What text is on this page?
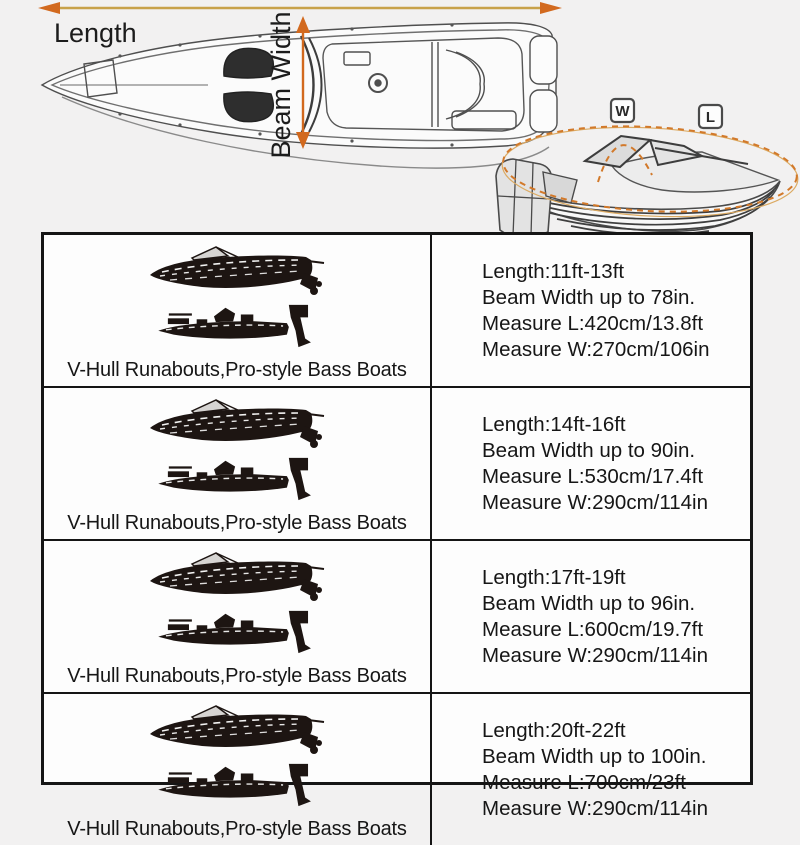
Length	Beam Width	W	L
V-Hull Runabouts,Pro-style Bass Boats
Length:11ft-13ft
Beam Width up to 78in.
Measure L:420cm/13.8ft
Measure W:270cm/106in
V-Hull Runabouts,Pro-style Bass Boats
Length:14ft-16ft
Beam Width up to 90in.
Measure L:530cm/17.4ft
Measure W:290cm/114in
V-Hull Runabouts,Pro-style Bass Boats
Length:17ft-19ft
Beam Width up to 96in.
Measure L:600cm/19.7ft
Measure W:290cm/114in
V-Hull Runabouts,Pro-style Bass Boats
Length:20ft-22ft
Beam Width up to 100in.
Measure L:700cm/23ft
Measure W:290cm/114in
